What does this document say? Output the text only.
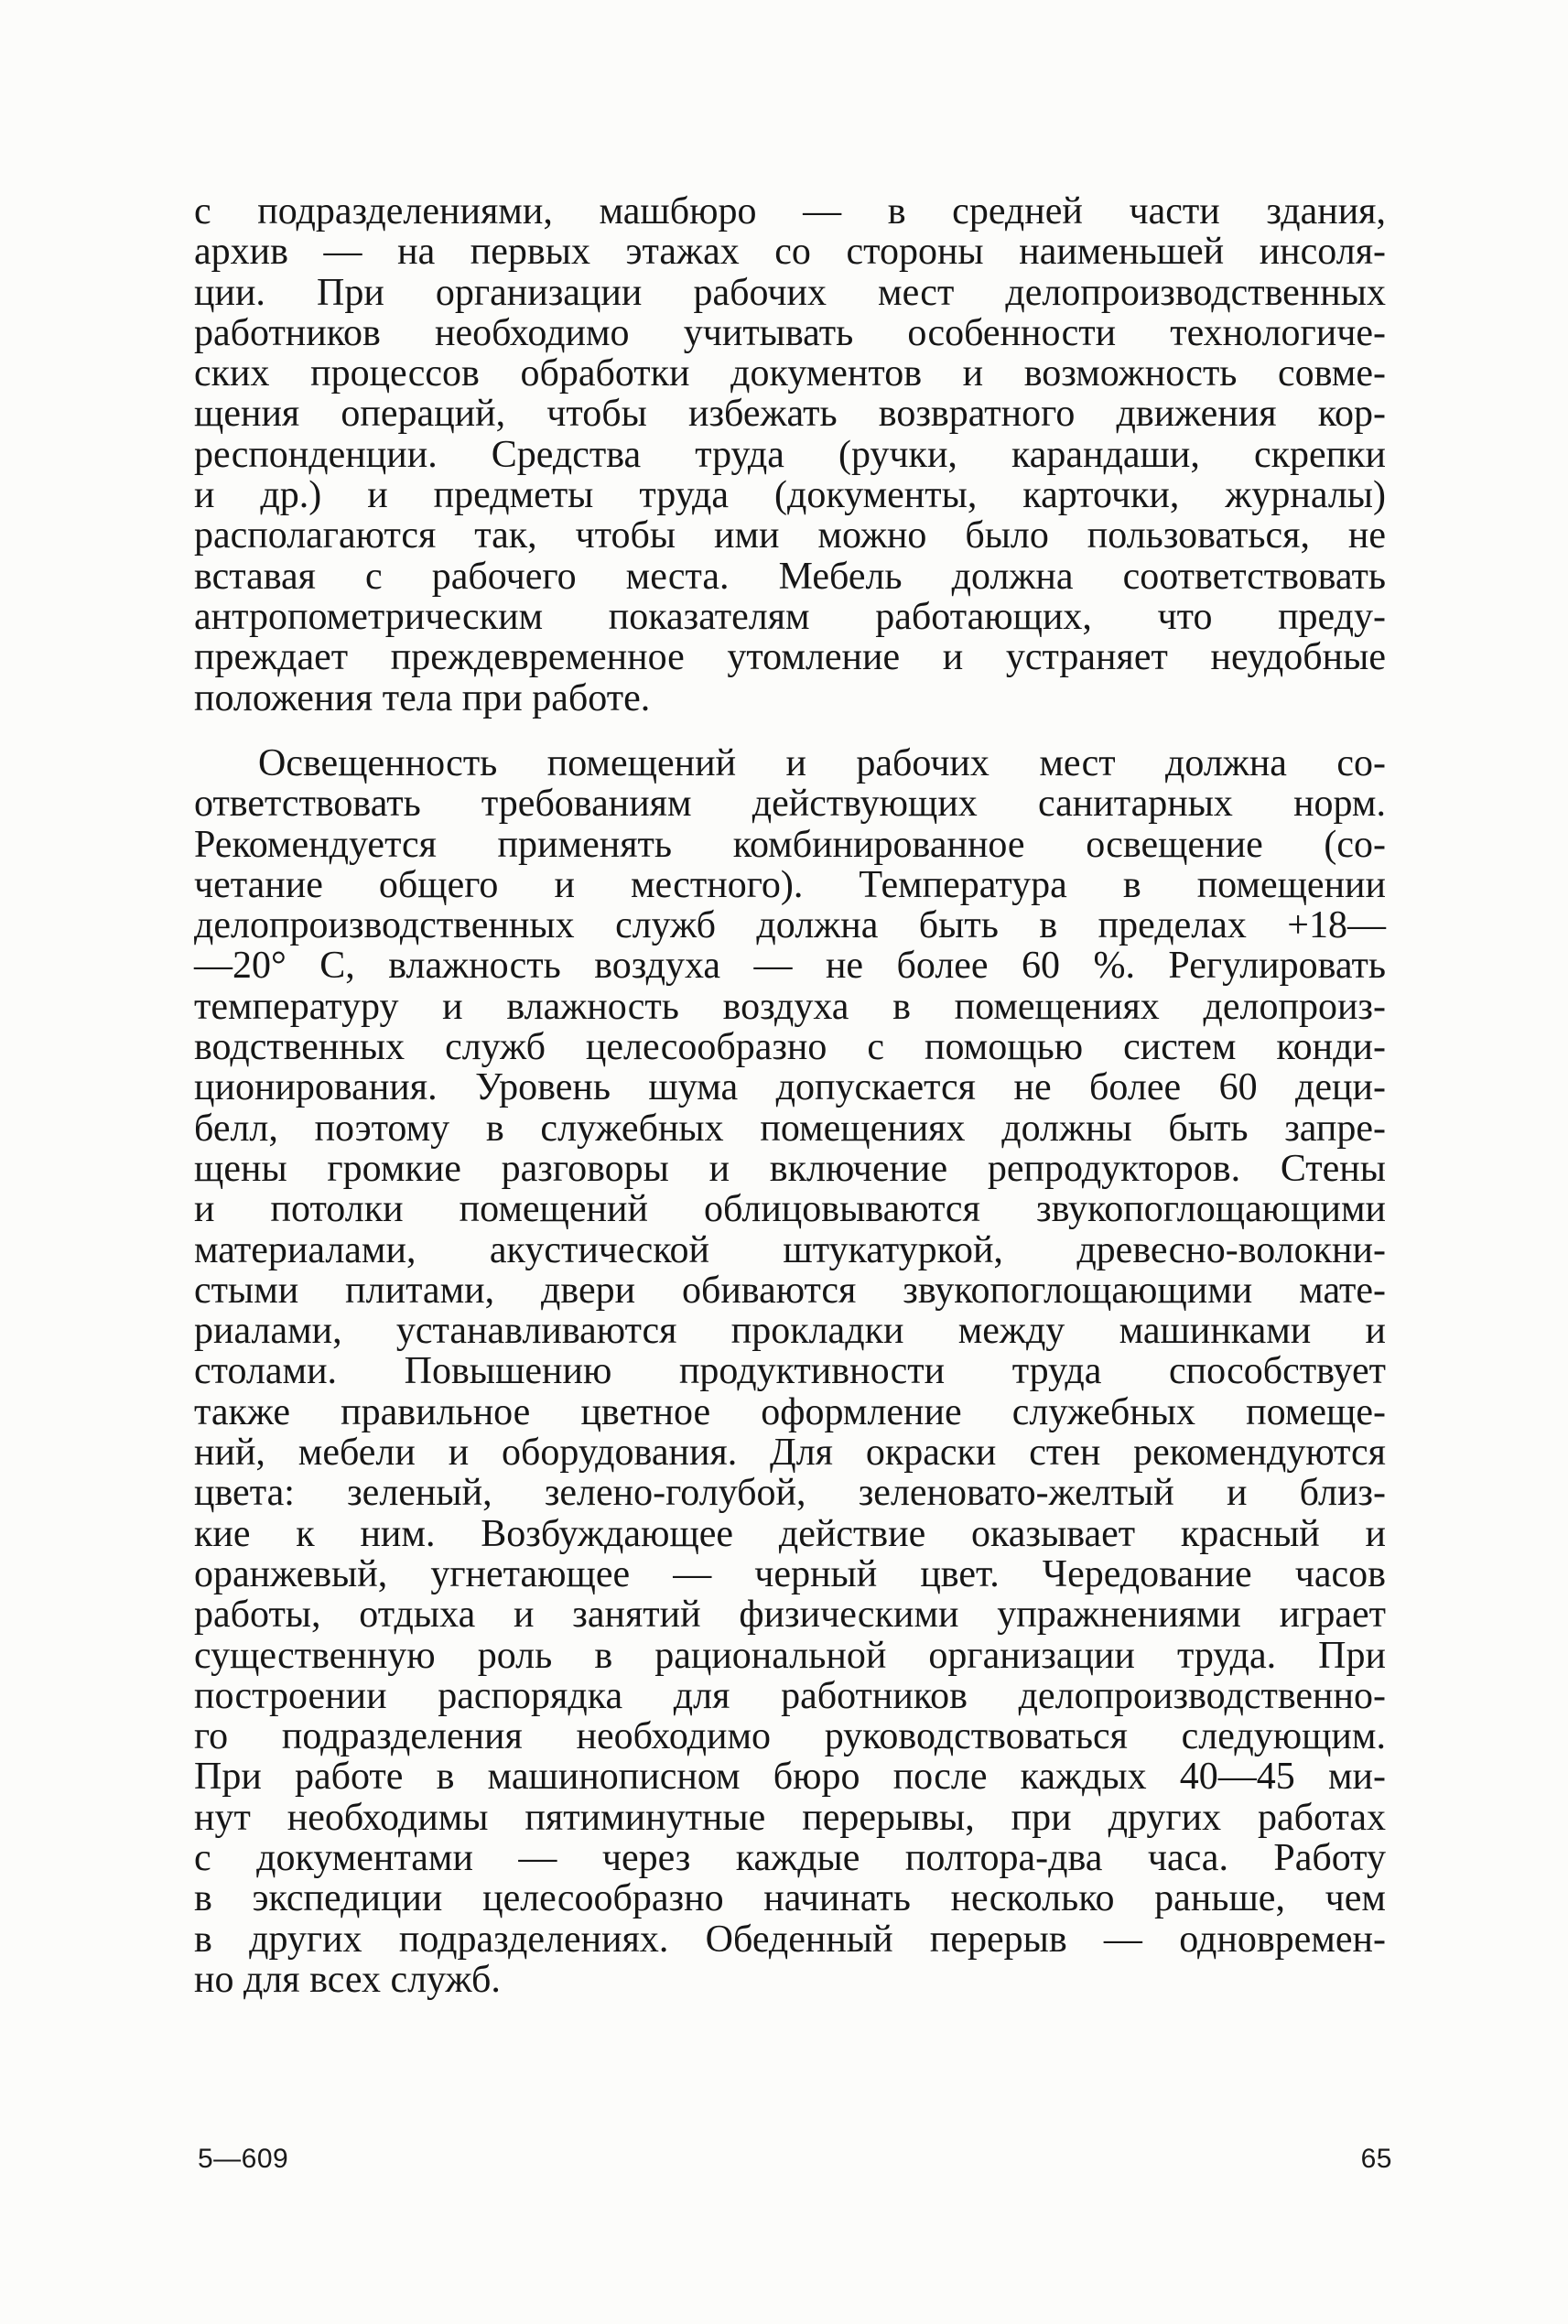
с подразделениями, машбюро — в средней части здания,
архив — на первых этажах со стороны наименьшей инсоля-
ции. При организации рабочих мест делопроизводственных
работников необходимо учитывать особенности технологиче-
ских процессов обработки документов и возможность совме-
щения операций, чтобы избежать возвратного движения кор-
респонденции. Средства труда (ручки, карандаши, скрепки
и др.) и предметы труда (документы, карточки, журналы)
располагаются так, чтобы ими можно было пользоваться, не
вставая с рабочего места. Мебель должна соответствовать
антропометрическим показателям работающих, что преду-
преждает преждевременное утомление и устраняет неудобные
положения тела при работе.
Освещенность помещений и рабочих мест должна со-
ответствовать требованиям действующих санитарных норм.
Рекомендуется применять комбинированное освещение (со-
четание общего и местного). Температура в помещении
делопроизводственных служб должна быть в пределах +18—
—20° С, влажность воздуха — не более 60 %. Регулировать
температуру и влажность воздуха в помещениях делопроиз-
водственных служб целесообразно с помощью систем конди-
ционирования. Уровень шума допускается не более 60 деци-
белл, поэтому в служебных помещениях должны быть запре-
щены громкие разговоры и включение репродукторов. Стены
и потолки помещений облицовываются звукопоглощающими
материалами, акустической штукатуркой, древесно-волокни-
стыми плитами, двери обиваются звукопоглощающими мате-
риалами, устанавливаются прокладки между машинками и
столами. Повышению продуктивности труда способствует
также правильное цветное оформление служебных помеще-
ний, мебели и оборудования. Для окраски стен рекомендуются
цвета: зеленый, зелено-голубой, зеленовато-желтый и близ-
кие к ним. Возбуждающее действие оказывает красный и
оранжевый, угнетающее — черный цвет. Чередование часов
работы, отдыха и занятий физическими упражнениями играет
существенную роль в рациональной организации труда. При
построении распорядка для работников делопроизводственно-
го подразделения необходимо руководствоваться следующим.
При работе в машинописном бюро после каждых 40—45 ми-
нут необходимы пятиминутные перерывы, при других работах
с документами — через каждые полтора-два часа. Работу
в экспедиции целесообразно начинать несколько раньше, чем
в других подразделениях. Обеденный перерыв — одновремен-
но для всех служб.
5—609	65
